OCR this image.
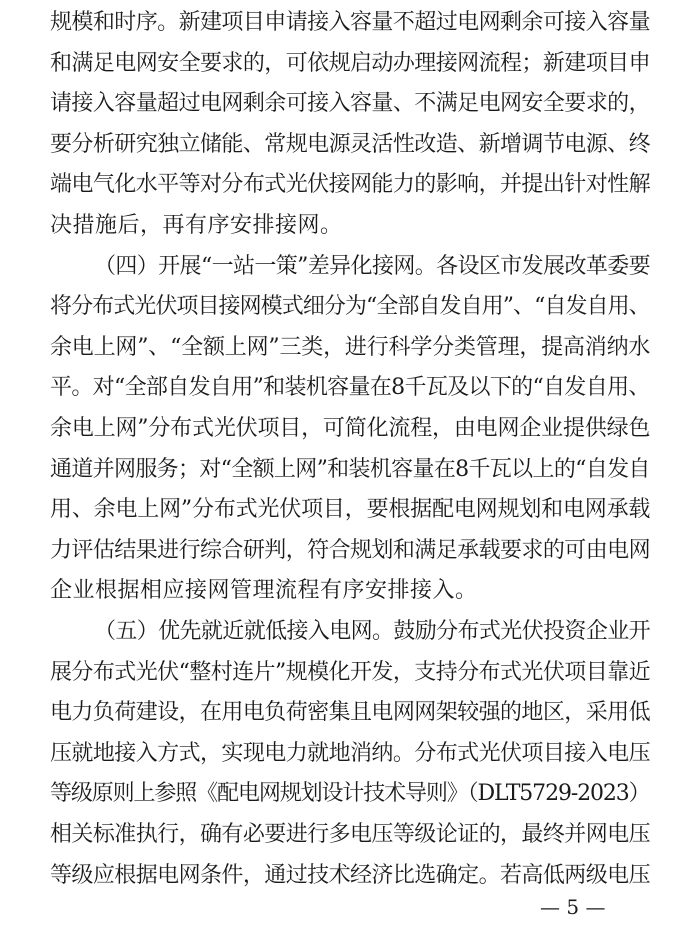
规模和时序。新建项目申请接入容量不超过电网剩余可接入容量
和满足电网安全要求的，可依规启动办理接网流程；新建项目申
请接入容量超过电网剩余可接入容量、不满足电网安全要求的，
要分析研究独立储能、常规电源灵活性改造、新增调节电源、终
端电气化水平等对分布式光伏接网能力的影响，并提出针对性解
决措施后，再有序安排接网。
（四）开展“一站一策”差异化接网。各设区市发展改革委要
将分布式光伏项目接网模式细分为“全部自发自用”、“自发自用、
余电上网”、“全额上网”三类，进行科学分类管理，提高消纳水
平。对“全部自发自用”和装机容量在8千瓦及以下的“自发自用、
余电上网”分布式光伏项目，可简化流程，由电网企业提供绿色
通道并网服务；对“全额上网”和装机容量在8千瓦以上的“自发自
用、余电上网”分布式光伏项目，要根据配电网规划和电网承载
力评估结果进行综合研判，符合规划和满足承载要求的可由电网
企业根据相应接网管理流程有序安排接入。
（五）优先就近就低接入电网。鼓励分布式光伏投资企业开
展分布式光伏“整村连片”规模化开发，支持分布式光伏项目靠近
电力负荷建设，在用电负荷密集且电网网架较强的地区，采用低
压就地接入方式，实现电力就地消纳。分布式光伏项目接入电压
等级原则上参照《配电网规划设计技术导则》（DLT5729-2023）
相关标准执行，确有必要进行多电压等级论证的，最终并网电压
等级应根据电网条件，通过技术经济比选确定。若高低两级电压
— 5 —
